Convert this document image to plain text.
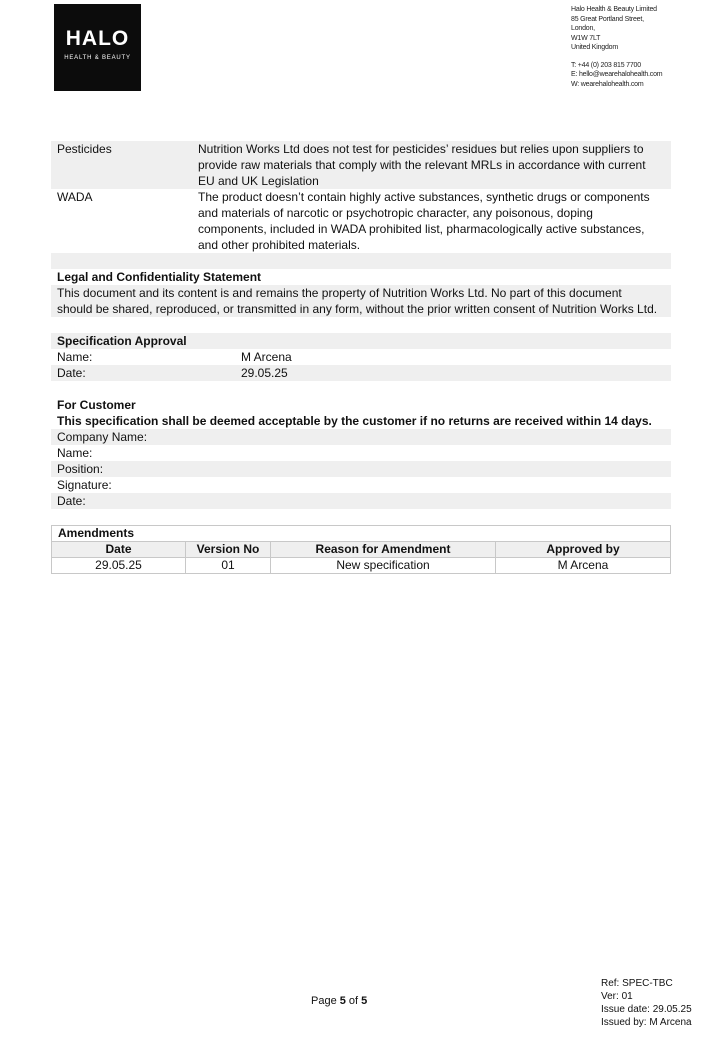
HALO
HEALTH & BEAUTY
Halo Health & Beauty Limited
85 Great Portland Street,
London,
W1W 7LT
United Kingdom
T: +44 (0) 203 815 7700
E: hello@wearehalohealth.com
W: wearehalohealth.com
Pesticides	Nutrition Works Ltd does not test for pesticides’ residues but relies upon suppliers to provide raw materials that comply with the relevant MRLs in accordance with current EU and UK Legislation
WADA	The product doesn’t contain highly active substances, synthetic drugs or components and materials of narcotic or psychotropic character, any poisonous, doping components, included in WADA prohibited list, pharmacologically active substances, and other prohibited materials.
Legal and Confidentiality Statement
This document and its content is and remains the property of Nutrition Works Ltd. No part of this document should be shared, reproduced, or transmitted in any form, without the prior written consent of Nutrition Works Ltd.
Specification Approval
Name:	M Arcena
Date:	29.05.25
For Customer
This specification shall be deemed acceptable by the customer if no returns are received within 14 days.
Company Name:
Name:
Position:
Signature:
Date:
Amendments			
Date	Version No	Reason for Amendment	Approved by
29.05.25	01	New specification	M Arcena
Page 5 of 5
Ref: SPEC-TBC
Ver: 01
Issue date: 29.05.25
Issued by: M Arcena
